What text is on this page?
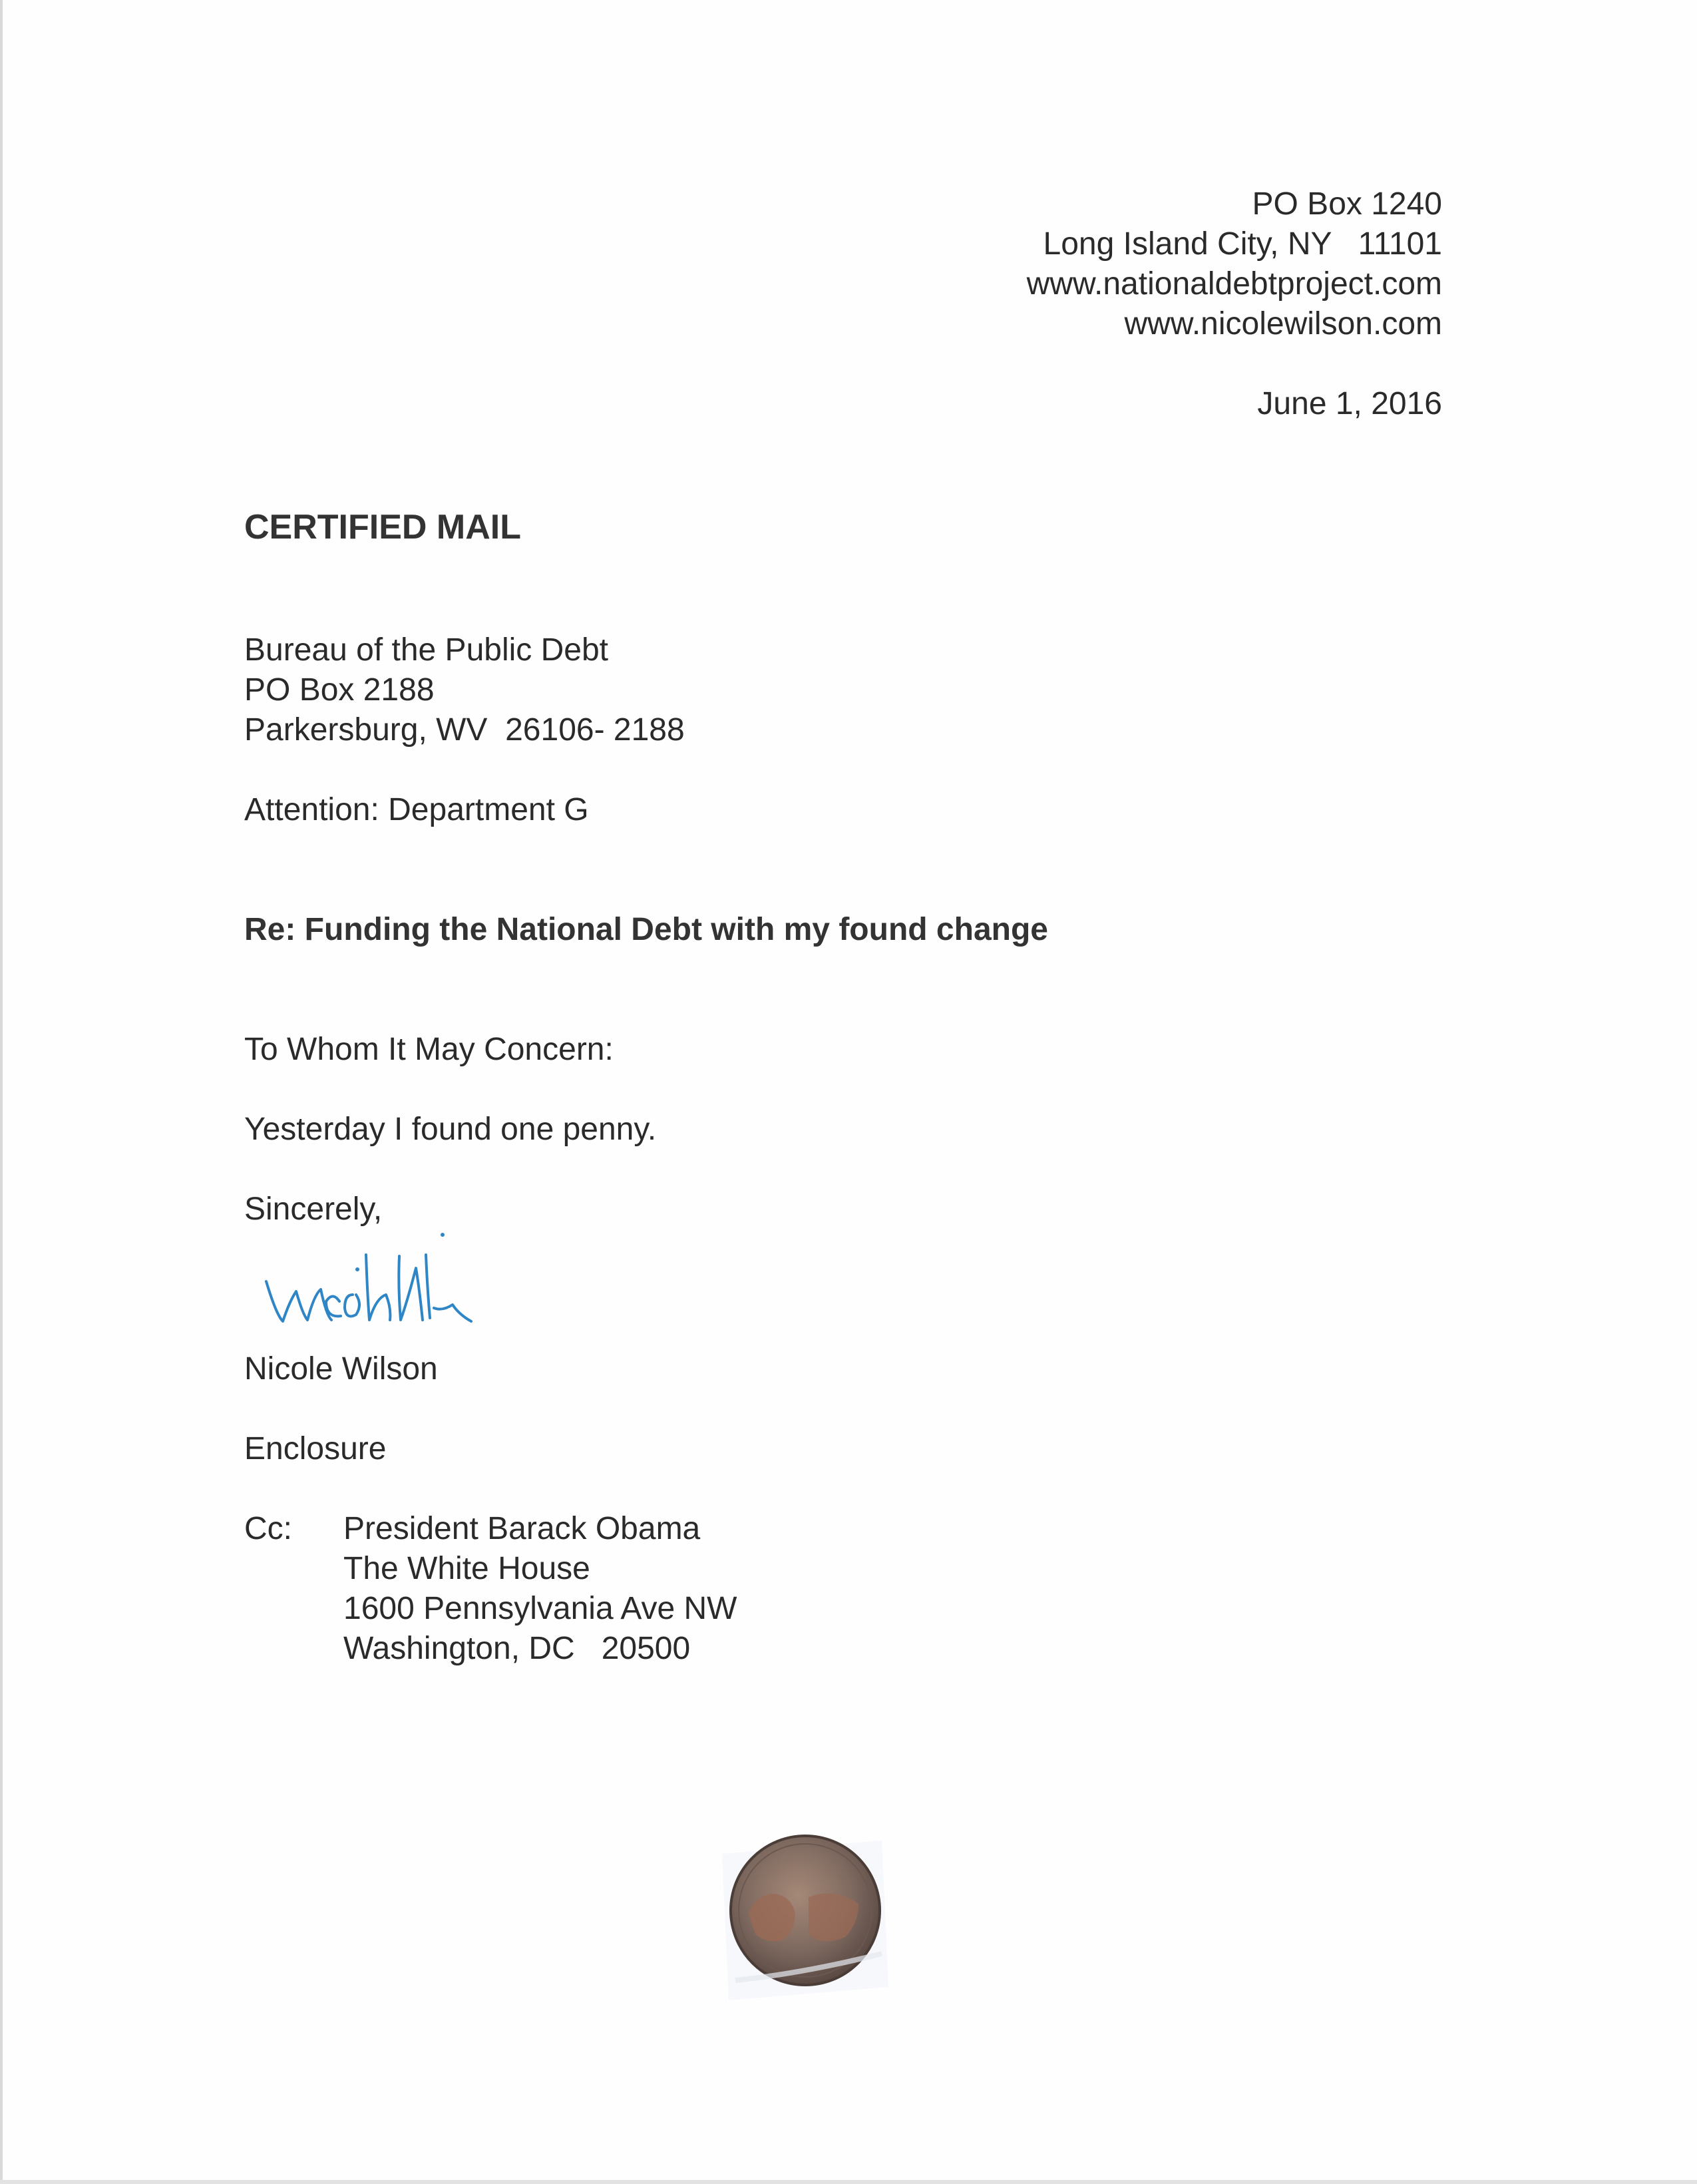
PO Box 1240
Long Island City, NY   11101
www.nationaldebtproject.com
www.nicolewilson.com
June 1, 2016
CERTIFIED MAIL
Bureau of the Public Debt
PO Box 2188
Parkersburg, WV  26106- 2188
Attention: Department G
Re: Funding the National Debt with my found change
To Whom It May Concern:
Yesterday I found one penny.
Sincerely,
Nicole Wilson
Enclosure
Cc: President Barack Obama
The White House
1600 Pennsylvania Ave NW
Washington, DC   20500
